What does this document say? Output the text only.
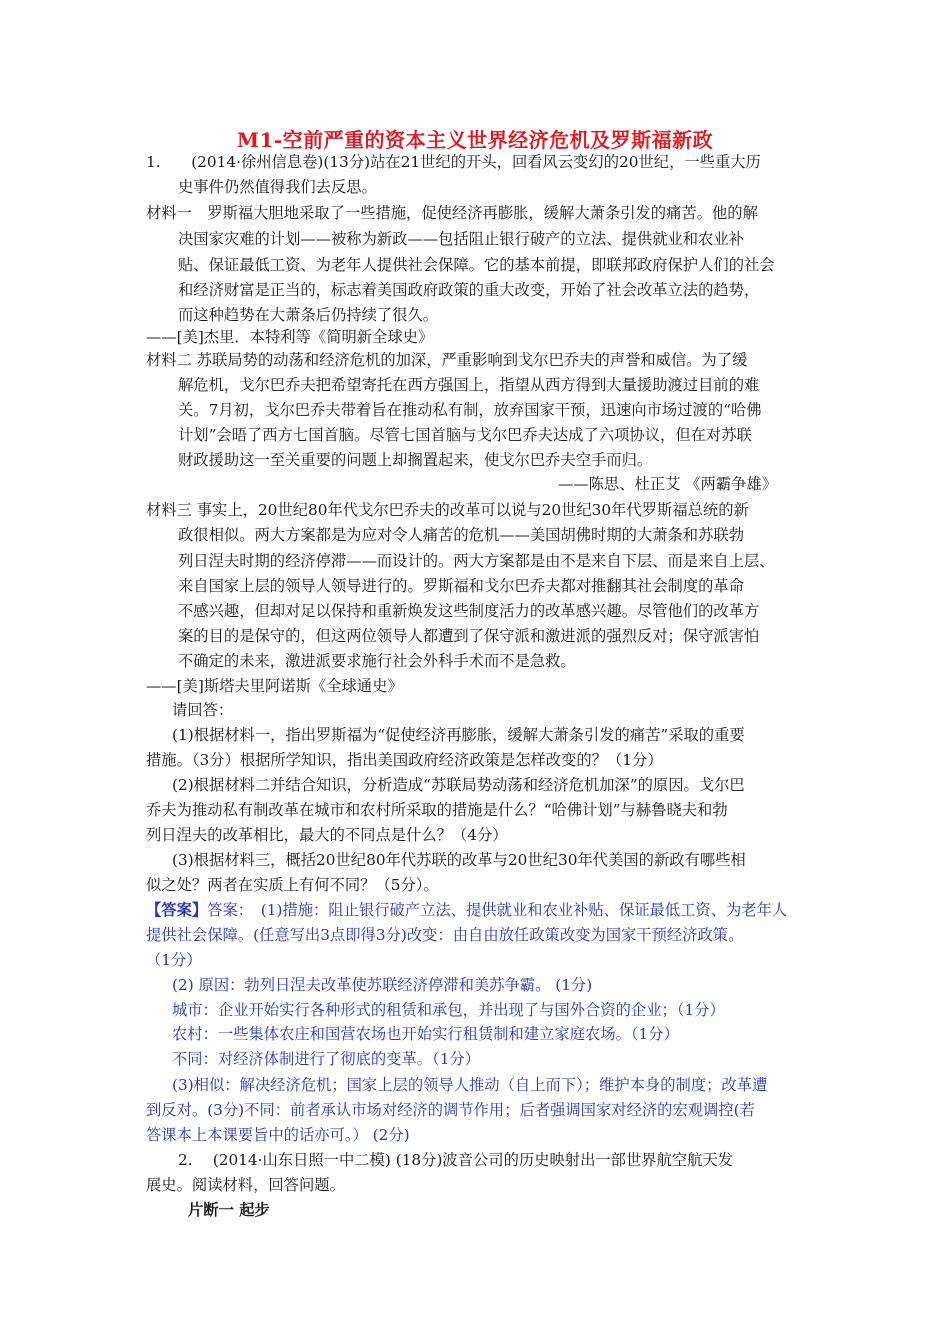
M1-空前严重的资本主义世界经济危机及罗斯福新政
1.　　(2014·徐州信息卷)(13分)站在21世纪的开头，回看风云变幻的20世纪，一些重大历
史事件仍然值得我们去反思。
材料一　罗斯福大胆地采取了一些措施，促使经济再膨胀，缓解大萧条引发的痛苦。他的解
决国家灾难的计划——被称为新政——包括阻止银行破产的立法、提供就业和农业补
贴、保证最低工资、为老年人提供社会保障。它的基本前提，即联邦政府保护人们的社会
和经济财富是正当的，标志着美国政府政策的重大改变，开始了社会改革立法的趋势，
而这种趋势在大萧条后仍持续了很久。
——[美]杰里．本特利等《简明新全球史》
材料二 苏联局势的动荡和经济危机的加深，严重影响到戈尔巴乔夫的声誉和威信。为了缓
解危机，戈尔巴乔夫把希望寄托在西方强国上，指望从西方得到大量援助渡过目前的难
关。7月初，戈尔巴乔夫带着旨在推动私有制，放弃国家干预，迅速向市场过渡的“哈佛
计划”会晤了西方七国首脑。尽管七国首脑与戈尔巴乔夫达成了六项协议，但在对苏联
财政援助这一至关重要的问题上却搁置起来，使戈尔巴乔夫空手而归。
——陈思、杜正艾 《两霸争雄》
材料三 事实上，20世纪80年代戈尔巴乔夫的改革可以说与20世纪30年代罗斯福总统的新
政很相似。两大方案都是为应对令人痛苦的危机——美国胡佛时期的大萧条和苏联勃
列日涅夫时期的经济停滞——而设计的。两大方案都是由不是来自下层、而是来自上层、
来自国家上层的领导人领导进行的。罗斯福和戈尔巴乔夫都对推翻其社会制度的革命
不感兴趣，但却对足以保持和重新焕发这些制度活力的改革感兴趣。尽管他们的改革方
案的目的是保守的，但这两位领导人都遭到了保守派和激进派的强烈反对；保守派害怕
不确定的未来，激进派要求施行社会外科手术而不是急救。
——[美]斯塔夫里阿诺斯《全球通史》
请回答：
(1)根据材料一，指出罗斯福为“促使经济再膨胀，缓解大萧条引发的痛苦”采取的重要
措施。（3分）根据所学知识，指出美国政府经济政策是怎样改变的？（1分）
(2)根据材料二并结合知识，分析造成“苏联局势动荡和经济危机加深”的原因。戈尔巴
乔夫为推动私有制改革在城市和农村所采取的措施是什么？“哈佛计划”与赫鲁晓夫和勃
列日涅夫的改革相比，最大的不同点是什么？（4分）
(3)根据材料三，概括20世纪80年代苏联的改革与20世纪30年代美国的新政有哪些相
似之处？两者在实质上有何不同？（5分）。
【答案】答案：　(1)措施：阻止银行破产立法、提供就业和农业补贴、保证最低工资、为老年人
提供社会保障。(任意写出3点即得3分)改变：由自由放任政策改变为国家干预经济政策。
（1分）
(2) 原因：勃列日涅夫改革使苏联经济停滞和美苏争霸。 (1分)
城市：企业开始实行各种形式的租赁和承包，并出现了与国外合资的企业；（1分）
农村：一些集体农庄和国营农场也开始实行租赁制和建立家庭农场。（1分）
不同：对经济体制进行了彻底的变革。（1分）
(3)相似：解决经济危机；国家上层的领导人推动（自上而下）；维护本身的制度；改革遭
到反对。(3分)不同：前者承认市场对经济的调节作用；后者强调国家对经济的宏观调控(若
答课本上本课要旨中的话亦可。） (2分)
2.　 (2014·山东日照一中二模) (18分)波音公司的历史映射出一部世界航空航天发
展史。阅读材料，回答问题。
片断一 起步
